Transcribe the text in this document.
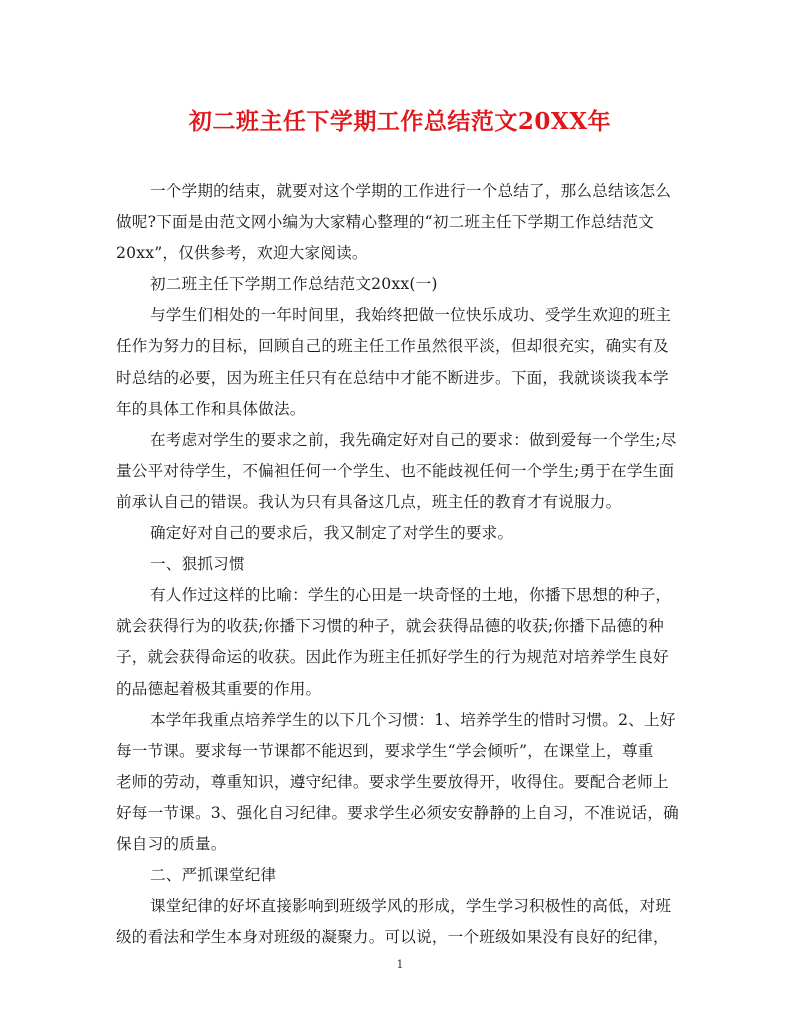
初二班主任下学期工作总结范文20XX年
一个学期的结束，就要对这个学期的工作进行一个总结了，那么总结该怎么
做呢?下面是由范文网小编为大家精心整理的“初二班主任下学期工作总结范文
20xx”，仅供参考，欢迎大家阅读。
初二班主任下学期工作总结范文20xx(一)
与学生们相处的一年时间里，我始终把做一位快乐成功、受学生欢迎的班主
任作为努力的目标，回顾自己的班主任工作虽然很平淡，但却很充实，确实有及
时总结的必要，因为班主任只有在总结中才能不断进步。下面，我就谈谈我本学
年的具体工作和具体做法。
在考虑对学生的要求之前，我先确定好对自己的要求：做到爱每一个学生;尽
量公平对待学生，不偏袒任何一个学生、也不能歧视任何一个学生;勇于在学生面
前承认自己的错误。我认为只有具备这几点，班主任的教育才有说服力。
确定好对自己的要求后，我又制定了对学生的要求。
一、狠抓习惯
有人作过这样的比喻：学生的心田是一块奇怪的土地，你播下思想的种子，
就会获得行为的收获;你播下习惯的种子，就会获得品德的收获;你播下品德的种
子，就会获得命运的收获。因此作为班主任抓好学生的行为规范对培养学生良好
的品德起着极其重要的作用。
本学年我重点培养学生的以下几个习惯：1、培养学生的惜时习惯。2、上好
每一节课。要求每一节课都不能迟到，要求学生“学会倾听”，在课堂上，尊重
老师的劳动，尊重知识，遵守纪律。要求学生要放得开，收得住。要配合老师上
好每一节课。3、强化自习纪律。要求学生必须安安静静的上自习，不准说话，确
保自习的质量。
二、严抓课堂纪律
课堂纪律的好坏直接影响到班级学风的形成，学生学习积极性的高低，对班
级的看法和学生本身对班级的凝聚力。可以说，一个班级如果没有良好的纪律，
1
